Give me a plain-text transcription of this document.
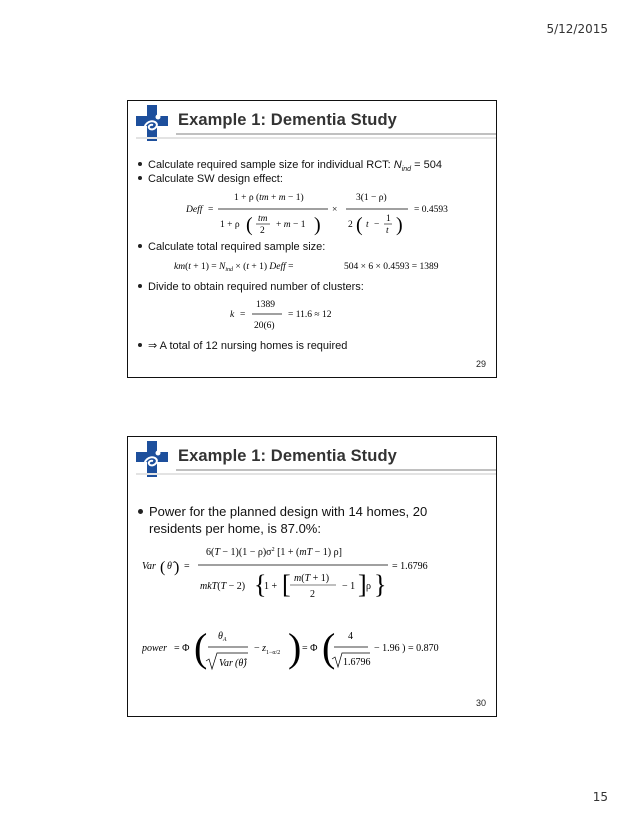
5/12/2015
Example 1: Dementia Study
Calculate required sample size for individual RCT: $N_{ind} = 504$
Calculate SW design effect:
Deff =
1 + ρ (tm + m − 1)
1 + ρ ( tm
2
+ m − 1 )
×
3(1 − ρ)
2 ( t −
1
t )
= 0.4593
Calculate total required sample size:
$km(t + 1) = N_{ind} \times (t + 1)$ Deff =	504 × 6 × 0.4593 = 1389
Divide to obtain required number of clusters:
k =
1389
20(6)
= 11.6 ≈ 12
⇒ A total of 12 nursing homes is required
29
Example 1: Dementia Study
Power for the planned design with 14 homes, 20
residents per home, is 87.0%:
Var ( θ̂ ) =
$6(T - 1)(1 - \rho)\sigma^2$ [1 + (mT − 1) ρ]
mkT(T − 2) {
1 + [ m(T + 1)
2
− 1 ] ρ }
= 1.6796
power = Φ ( $\theta_A$
Var (θ̂)
− $z_{1-\alpha/2}$ ) = Φ ( 4
1.6796
− 1.96 ) = 0.870
30
15
